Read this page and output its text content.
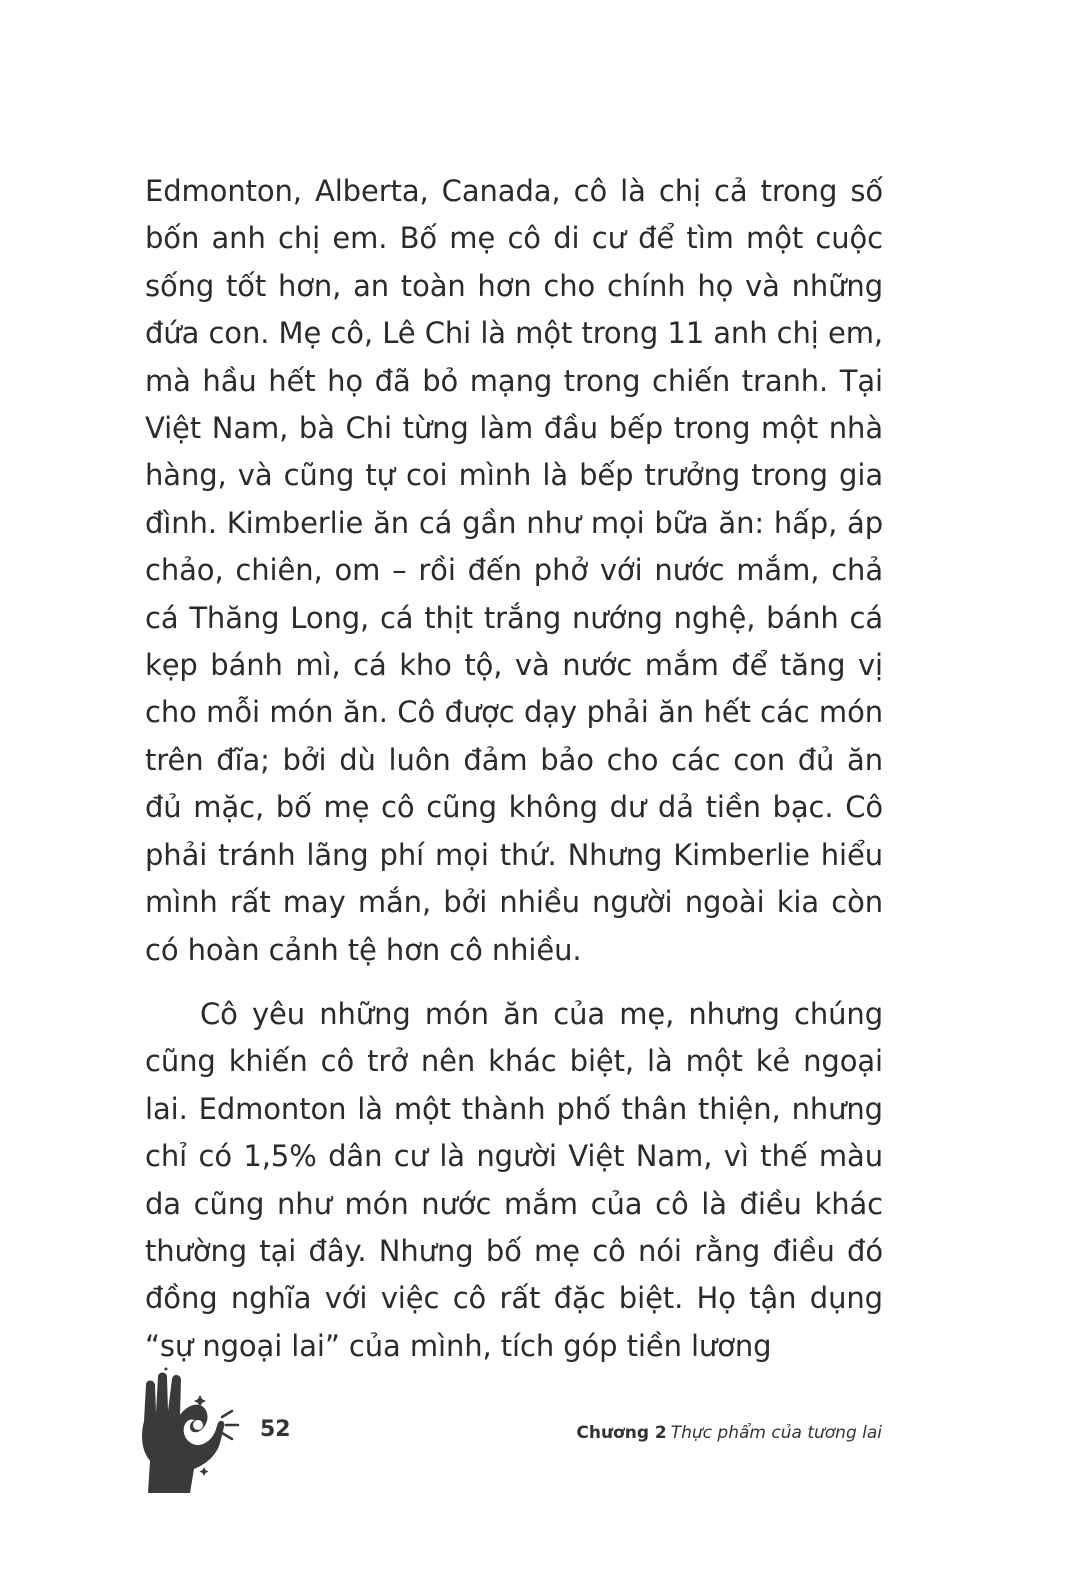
Edmonton, Alberta, Canada, cô là chị cả trong số bốn anh chị em. Bố mẹ cô di cư để tìm một cuộc sống tốt hơn, an toàn hơn cho chính họ và những đứa con. Mẹ cô, Lê Chi là một trong 11 anh chị em, mà hầu hết họ đã bỏ mạng trong chiến tranh. Tại Việt Nam, bà Chi từng làm đầu bếp trong một nhà hàng, và cũng tự coi mình là bếp trưởng trong gia đình. Kimberlie ăn cá gần như mọi bữa ăn: hấp, áp chảo, chiên, om – rồi đến phở với nước mắm, chả cá Thăng Long, cá thịt trắng nướng nghệ, bánh cá kẹp bánh mì, cá kho tộ, và nước mắm để tăng vị cho mỗi món ăn. Cô được dạy phải ăn hết các món trên đĩa; bởi dù luôn đảm bảo cho các con đủ ăn đủ mặc, bố mẹ cô cũng không dư dả tiền bạc. Cô phải tránh lãng phí mọi thứ. Nhưng Kimberlie hiểu mình rất may mắn, bởi nhiều người ngoài kia còn có hoàn cảnh tệ hơn cô nhiều.

Cô yêu những món ăn của mẹ, nhưng chúng cũng khiến cô trở nên khác biệt, là một kẻ ngoại lai. Edmonton là một thành phố thân thiện, nhưng chỉ có 1,5% dân cư là người Việt Nam, vì thế màu da cũng như món nước mắm của cô là điều khác thường tại đây. Nhưng bố mẹ cô nói rằng điều đó đồng nghĩa với việc cô rất đặc biệt. Họ tận dụng “sự ngoại lai” của mình, tích góp tiền lương

52	Chương 2 Thực phẩm của tương lai
